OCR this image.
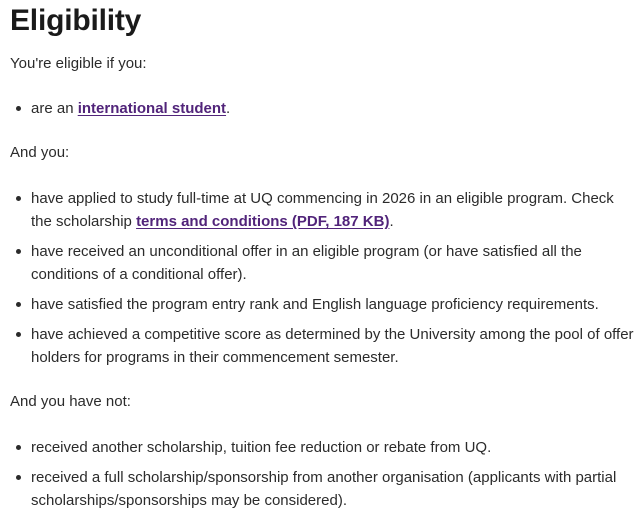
Eligibility

You're eligible if you:

are an international student.

And you:

have applied to study full-time at UQ commencing in 2026 in an eligible program. Check the scholarship terms and conditions (PDF, 187 KB).
have received an unconditional offer in an eligible program (or have satisfied all the conditions of a conditional offer).
have satisfied the program entry rank and English language proficiency requirements.
have achieved a competitive score as determined by the University among the pool of offer holders for programs in their commencement semester.

And you have not:

received another scholarship, tuition fee reduction or rebate from UQ.
received a full scholarship/sponsorship from another organisation (applicants with partial scholarships/sponsorships may be considered).
